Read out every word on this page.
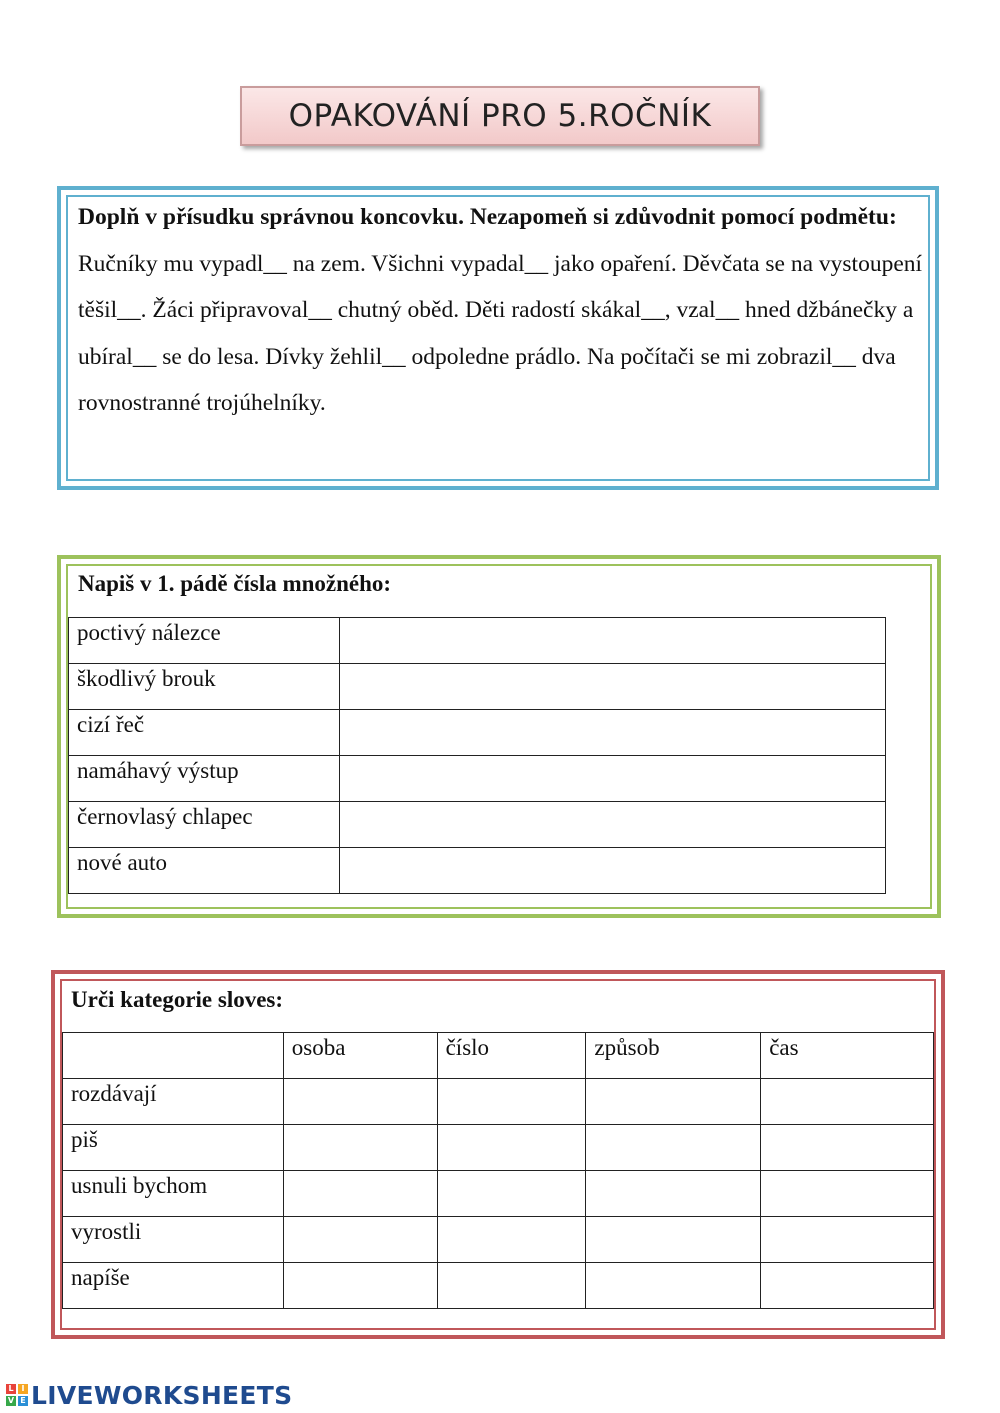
OPAKOVÁNÍ PRO 5.ROČNÍK

Doplň v přísudku správnou koncovku. Nezapomeň si zdůvodnit pomocí podmětu:

Ručníky mu vypadl__ na zem. Všichni vypadal__ jako opaření. Děvčata se na vystoupení těšil__. Žáci připravoval__ chutný oběd. Děti radostí skákal__, vzal__ hned džbánečky a ubíral__ se do lesa. Dívky žehlil__ odpoledne prádlo. Na počítači se mi zobrazil__ dva rovnostranné trojúhelníky.

Napiš v 1. pádě čísla množného:
poctivý nálezce	
škodlivý brouk	
cizí řeč	
namáhavý výstup	
černovlasý chlapec	
nové auto	
Urči kategorie sloves:
	osoba	číslo	způsob	čas
rozdávají				
piš				
usnuli bychom				
vyrostli				
napíše				
L I
V E LIVEWORKSHEETS
